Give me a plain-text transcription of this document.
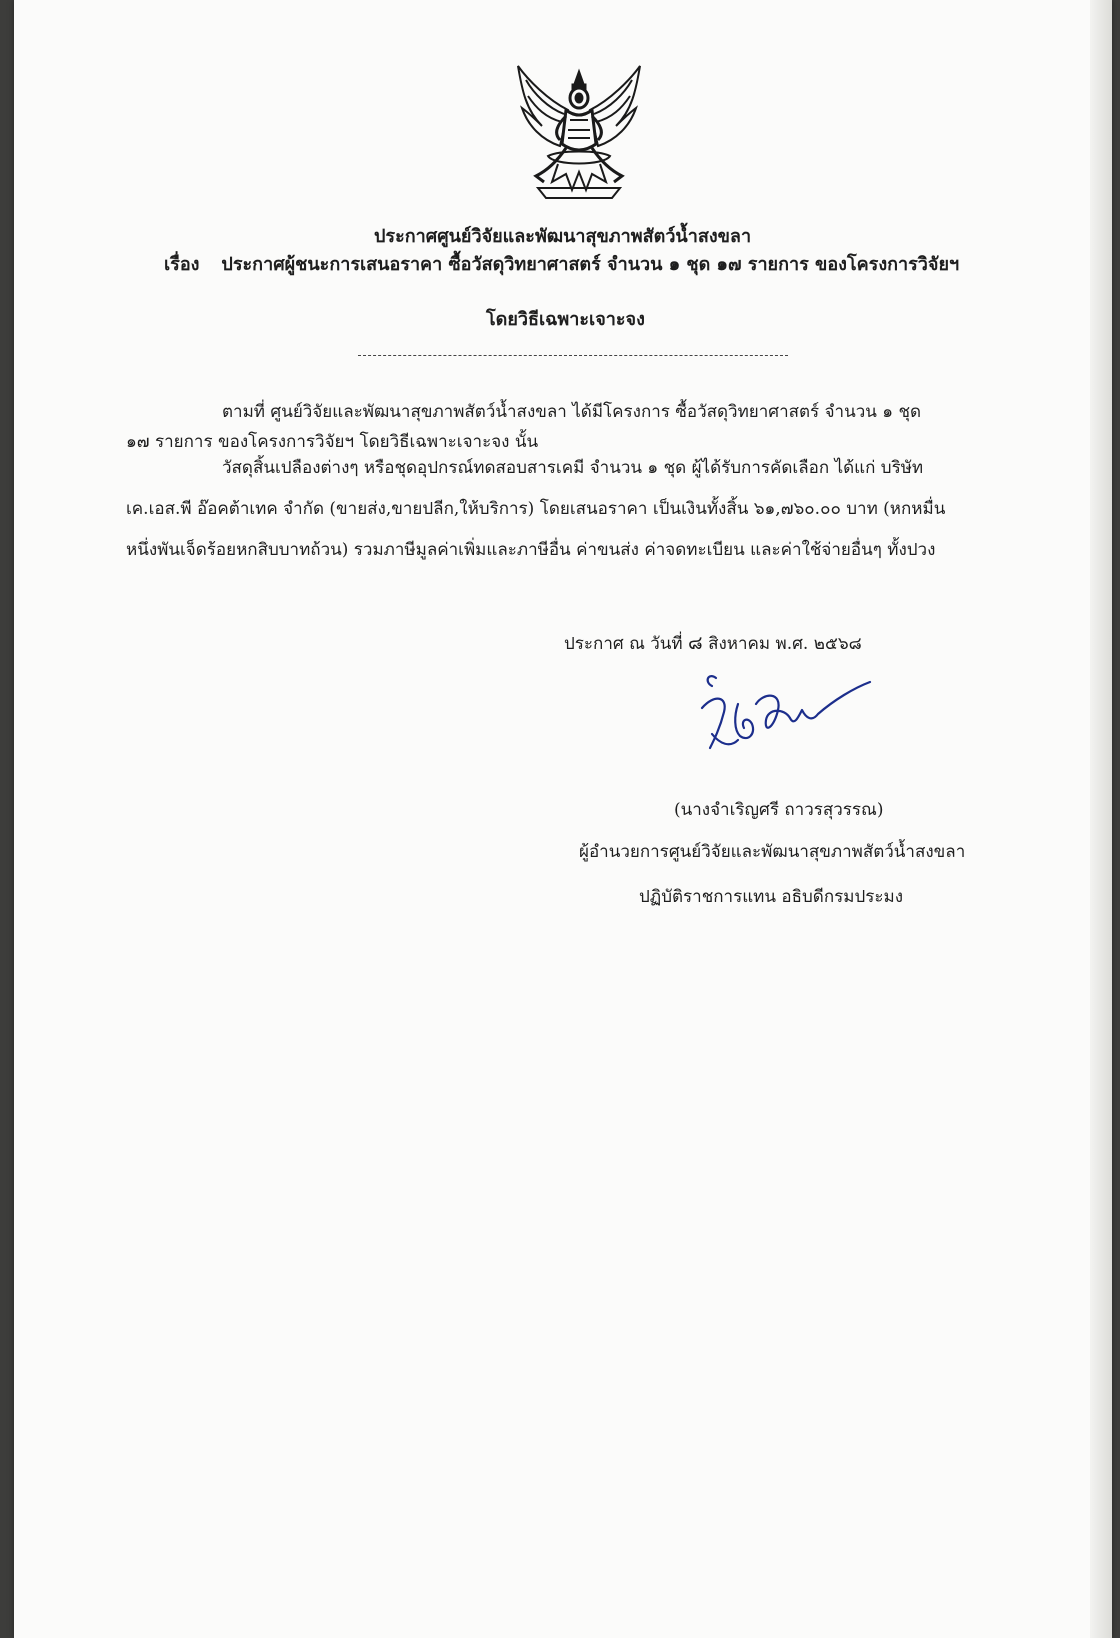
ประกาศศูนย์วิจัยและพัฒนาสุขภาพสัตว์น้ำสงขลา
เรื่อง ประกาศผู้ชนะการเสนอราคา ซื้อวัสดุวิทยาศาสตร์ จำนวน ๑ ชุด ๑๗ รายการ ของโครงการวิจัยฯ
โดยวิธีเฉพาะเจาะจง
ตามที่ ศูนย์วิจัยและพัฒนาสุขภาพสัตว์น้ำสงขลา ได้มีโครงการ ซื้อวัสดุวิทยาศาสตร์ จำนวน ๑ ชุด
๑๗ รายการ ของโครงการวิจัยฯ โดยวิธีเฉพาะเจาะจง นั้น
วัสดุสิ้นเปลืองต่างๆ หรือชุดอุปกรณ์ทดสอบสารเคมี จำนวน ๑ ชุด ผู้ได้รับการคัดเลือก ได้แก่ บริษัท
เค.เอส.พี อ๊อคต้าเทค จำกัด (ขายส่ง,ขายปลีก,ให้บริการ) โดยเสนอราคา เป็นเงินทั้งสิ้น ๖๑,๗๖๐.๐๐ บาท (หกหมื่น
หนึ่งพันเจ็ดร้อยหกสิบบาทถ้วน) รวมภาษีมูลค่าเพิ่มและภาษีอื่น ค่าขนส่ง ค่าจดทะเบียน และค่าใช้จ่ายอื่นๆ ทั้งปวง
ประกาศ ณ วันที่ ๘ สิงหาคม พ.ศ. ๒๕๖๘
(นางจำเริญศรี ถาวรสุวรรณ)
ผู้อำนวยการศูนย์วิจัยและพัฒนาสุขภาพสัตว์น้ำสงขลา
ปฏิบัติราชการแทน อธิบดีกรมประมง
